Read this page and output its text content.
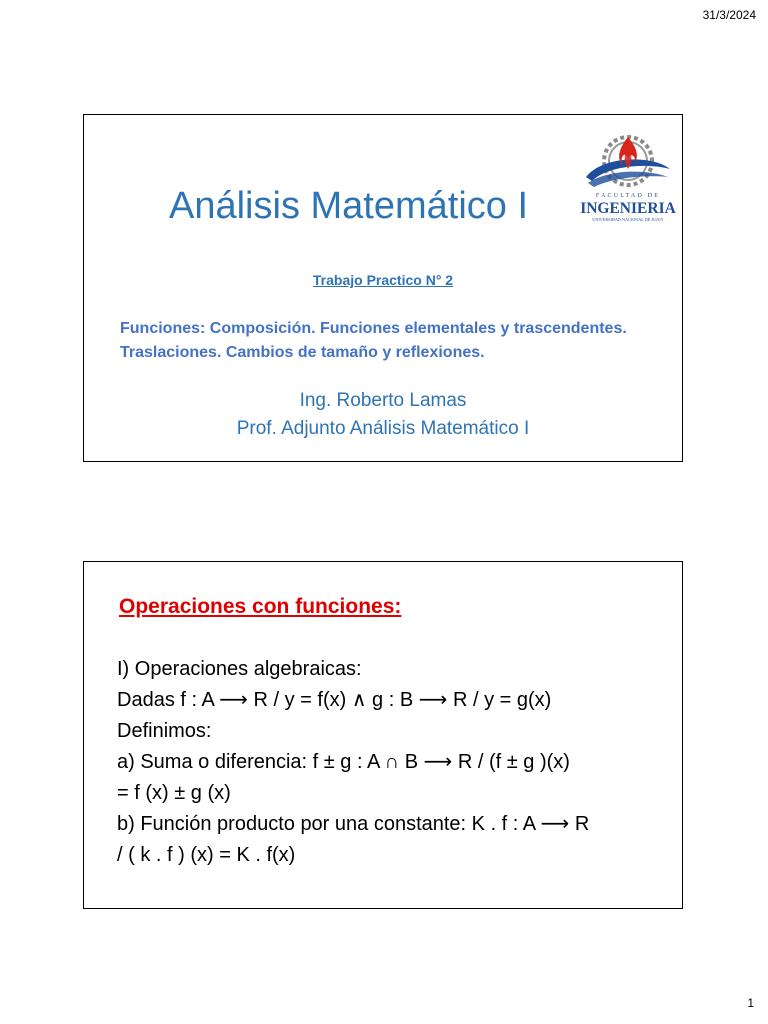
31/3/2024
Análisis Matemático I	FACULTAD DE
INGENIERIA
UNIVERSIDAD NACIONAL DE JUJUY
Trabajo Practico N° 2
Funciones: Composición. Funciones elementales y trascendentes.
Traslaciones. Cambios de tamaño y reflexiones.
Ing. Roberto Lamas
Prof. Adjunto Análisis Matemático I
Operaciones con funciones:
I) Operaciones algebraicas:
Dadas f : A ⟶ R / y = f(x) ∧ g : B ⟶ R / y = g(x)
Definimos:
a) Suma o diferencia: f ± g : A ∩ B ⟶ R / (f ± g )(x)
= f (x) ± g (x)
b) Función producto por una constante: K . f : A ⟶ R
/ ( k . f ) (x) = K . f(x)
1
